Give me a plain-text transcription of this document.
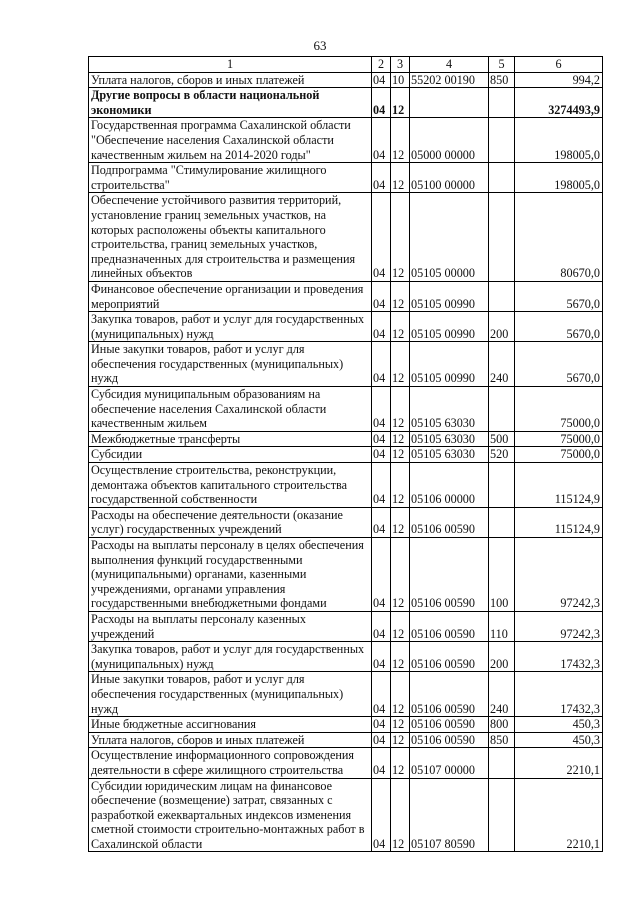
63
1	2	3	4	5	6
Уплата налогов, сборов и иных платежей	04	10	55202 00190	850	994,2
Другие вопросы в области национальной экономики	04	12			3274493,9
Государственная программа Сахалинской области "Обеспечение населения Сахалинской области качественным жильем на 2014-2020 годы"	04	12	05000 00000		198005,0
Подпрограмма "Стимулирование жилищного строительства"	04	12	05100 00000		198005,0
Обеспечение устойчивого развития территорий, установление границ земельных участков, на которых расположены объекты капитального строительства, границ земельных участков, предназначенных для строительства и размещения линейных объектов	04	12	05105 00000		80670,0
Финансовое обеспечение организации и проведения мероприятий	04	12	05105 00990		5670,0
Закупка товаров, работ и услуг для государственных (муниципальных) нужд	04	12	05105 00990	200	5670,0
Иные закупки товаров, работ и услуг для обеспечения государственных (муниципальных) нужд	04	12	05105 00990	240	5670,0
Субсидия муниципальным образованиям на обеспечение населения Сахалинской области качественным жильем	04	12	05105 63030		75000,0
Межбюджетные трансферты	04	12	05105 63030	500	75000,0
Субсидии	04	12	05105 63030	520	75000,0
Осуществление строительства, реконструкции, демонтажа объектов капитального строительства государственной собственности	04	12	05106 00000		115124,9
Расходы на обеспечение деятельности (оказание услуг) государственных учреждений	04	12	05106 00590		115124,9
Расходы на выплаты персоналу в целях обеспечения выполнения функций государственными (муниципальными) органами, казенными учреждениями, органами управления государственными внебюджетными фондами	04	12	05106 00590	100	97242,3
Расходы на выплаты персоналу казенных учреждений	04	12	05106 00590	110	97242,3
Закупка товаров, работ и услуг для государственных (муниципальных) нужд	04	12	05106 00590	200	17432,3
Иные закупки товаров, работ и услуг для обеспечения государственных (муниципальных) нужд	04	12	05106 00590	240	17432,3
Иные бюджетные ассигнования	04	12	05106 00590	800	450,3
Уплата налогов, сборов и иных платежей	04	12	05106 00590	850	450,3
Осуществление информационного сопровождения деятельности в сфере жилищного строительства	04	12	05107 00000		2210,1
Субсидии юридическим лицам на финансовое обеспечение (возмещение) затрат, связанных с разработкой ежеквартальных индексов изменения сметной стоимости строительно-монтажных работ в Сахалинской области	04	12	05107 80590		2210,1
